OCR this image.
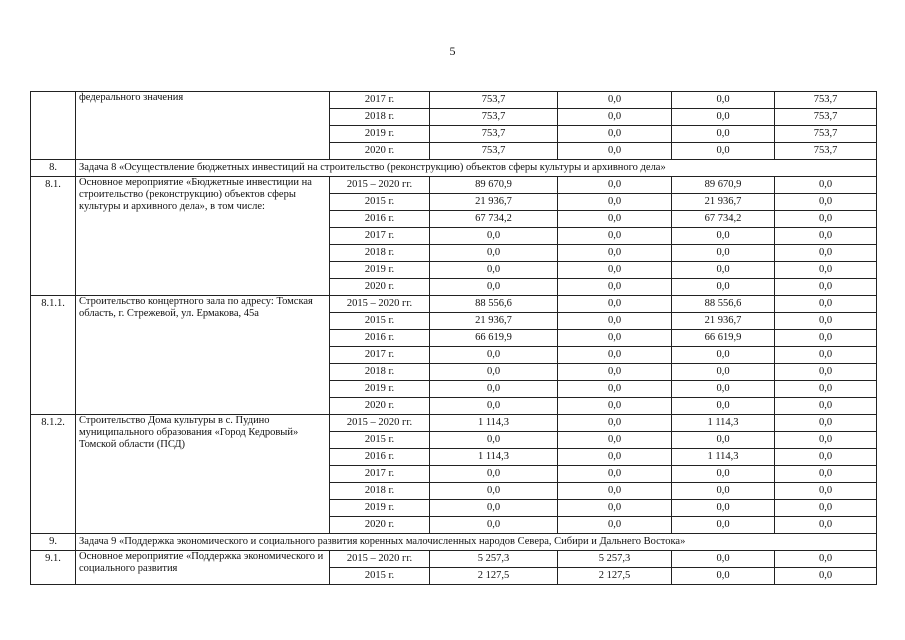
5
	федерального значения	2017 г.	753,7	0,0	0,0	753,7
		2018 г.	753,7	0,0	0,0	753,7
		2019 г.	753,7	0,0	0,0	753,7
		2020 г.	753,7	0,0	0,0	753,7
8.	Задача 8 «Осуществление бюджетных инвестиций на строительство (реконструкцию) объектов сферы культуры и архивного дела»					
8.1.	Основное мероприятие «Бюджетные инвестиции на строительство (реконструкцию) объектов сферы культуры и архивного дела», в том числе:	2015 – 2020 гг.	89 670,9	0,0	89 670,9	0,0
		2015 г.	21 936,7	0,0	21 936,7	0,0
		2016 г.	67 734,2	0,0	67 734,2	0,0
		2017 г.	0,0	0,0	0,0	0,0
		2018 г.	0,0	0,0	0,0	0,0
		2019 г.	0,0	0,0	0,0	0,0
		2020 г.	0,0	0,0	0,0	0,0
8.1.1.	Строительство концертного зала по адресу: Томская область, г. Стрежевой, ул. Ермакова, 45а	2015 – 2020 гг.	88 556,6	0,0	88 556,6	0,0
		2015 г.	21 936,7	0,0	21 936,7	0,0
		2016 г.	66 619,9	0,0	66 619,9	0,0
		2017 г.	0,0	0,0	0,0	0,0
		2018 г.	0,0	0,0	0,0	0,0
		2019 г.	0,0	0,0	0,0	0,0
		2020 г.	0,0	0,0	0,0	0,0
8.1.2.	Строительство Дома культуры в с. Пудино муниципального образования «Город Кедровый» Томской области (ПСД)	2015 – 2020 гг.	1 114,3	0,0	1 114,3	0,0
		2015 г.	0,0	0,0	0,0	0,0
		2016 г.	1 114,3	0,0	1 114,3	0,0
		2017 г.	0,0	0,0	0,0	0,0
		2018 г.	0,0	0,0	0,0	0,0
		2019 г.	0,0	0,0	0,0	0,0
		2020 г.	0,0	0,0	0,0	0,0
9.	Задача 9 «Поддержка экономического и социального развития коренных малочисленных народов Севера, Сибири и Дальнего Востока»					
9.1.	Основное мероприятие «Поддержка экономического и социального развития	2015 – 2020 гг.	5 257,3	5 257,3	0,0	0,0
		2015 г.	2 127,5	2 127,5	0,0	0,0
